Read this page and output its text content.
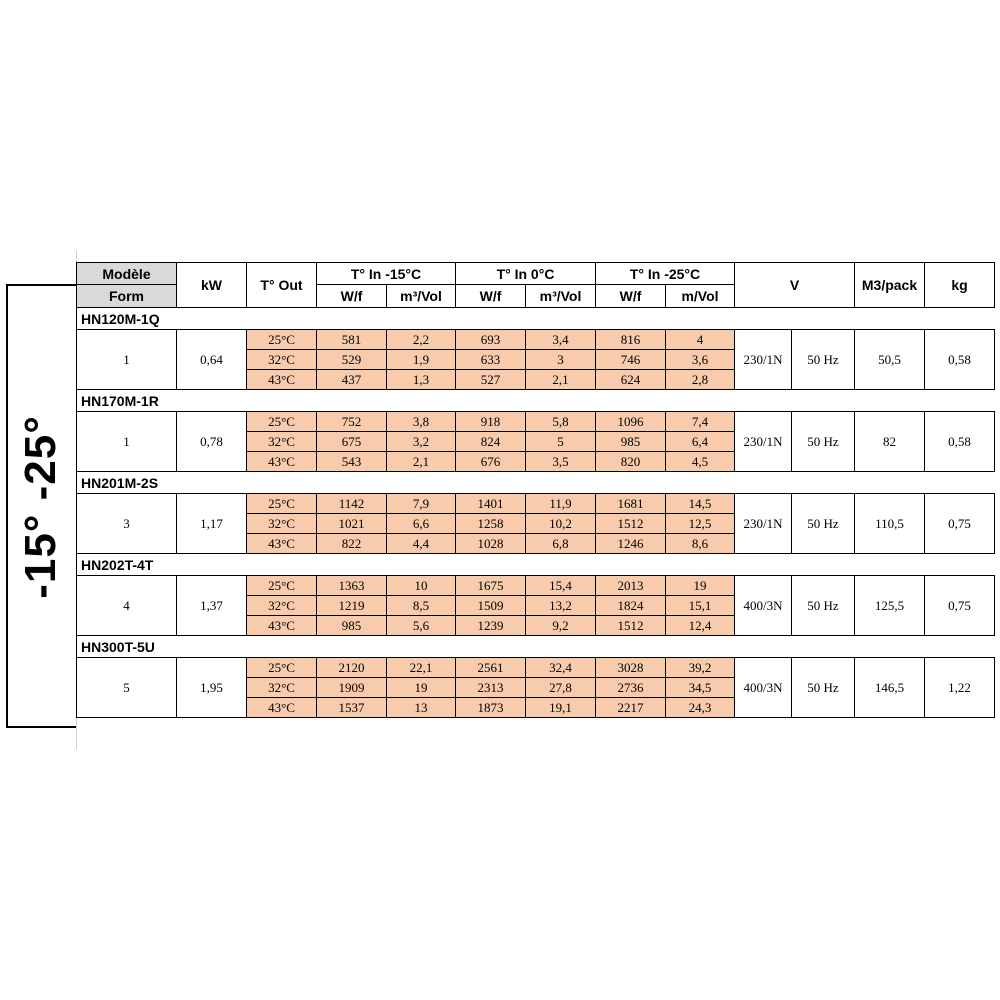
-15° -25°
Modèle	kW	T° Out	T° In -15°C		T° In 0°C		T° In -25°C		V		M3/pack	kg
Form			W/f	m³/Vol	W/f	m³/Vol	W/f	m/Vol				
HN120M-1Q												
1	0,64	25°C	581	2,2	693	3,4	816	4	230/1N	50 Hz	50,5	0,58
		32°C	529	1,9	633	3	746	3,6				
		43°C	437	1,3	527	2,1	624	2,8				
HN170M-1R												
1	0,78	25°C	752	3,8	918	5,8	1096	7,4	230/1N	50 Hz	82	0,58
		32°C	675	3,2	824	5	985	6,4				
		43°C	543	2,1	676	3,5	820	4,5				
HN201M-2S												
3	1,17	25°C	1142	7,9	1401	11,9	1681	14,5	230/1N	50 Hz	110,5	0,75
		32°C	1021	6,6	1258	10,2	1512	12,5				
		43°C	822	4,4	1028	6,8	1246	8,6				
HN202T-4T												
4	1,37	25°C	1363	10	1675	15,4	2013	19	400/3N	50 Hz	125,5	0,75
		32°C	1219	8,5	1509	13,2	1824	15,1				
		43°C	985	5,6	1239	9,2	1512	12,4				
HN300T-5U												
5	1,95	25°C	2120	22,1	2561	32,4	3028	39,2	400/3N	50 Hz	146,5	1,22
		32°C	1909	19	2313	27,8	2736	34,5				
		43°C	1537	13	1873	19,1	2217	24,3				
